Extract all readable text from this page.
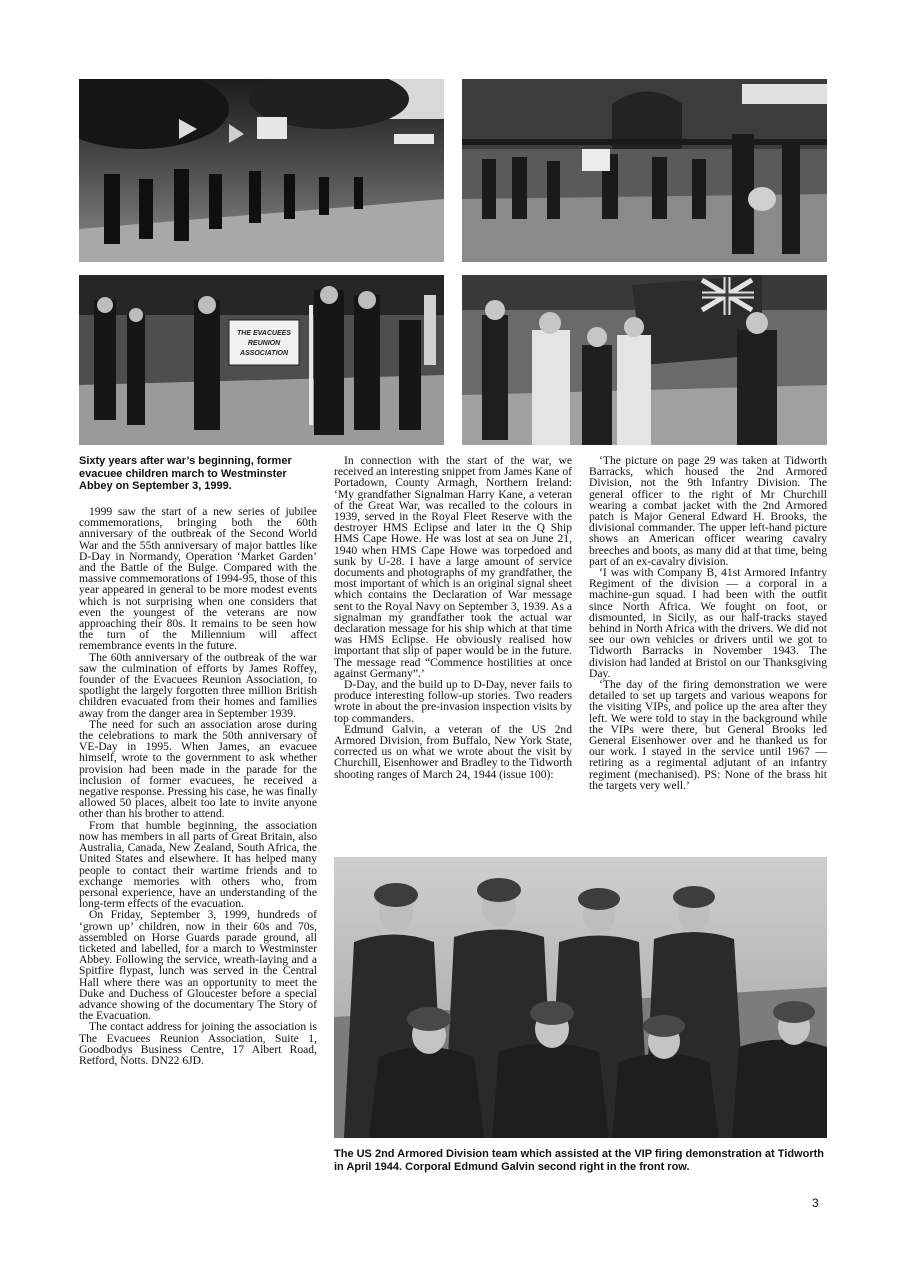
THE EVACUEES
REUNION
ASSOCIATION

Sixty years after war’s beginning, former evacuee children march to Westminster Abbey on September 3, 1999.

1999 saw the start of a new series of jubilee commemorations, bringing both the 60th anniversary of the outbreak of the Second World War and the 55th anniversary of major battles like D-Day in Normandy, Operation ‘Market Garden’ and the Battle of the Bulge. Compared with the massive commemorations of 1994-95, those of this year appeared in general to be more modest events which is not surprising when one considers that even the youngest of the veterans are now approaching their 80s. It remains to be seen how the turn of the Millennium will affect remembrance events in the future.

The 60th anniversary of the outbreak of the war saw the culmination of efforts by James Roffey, founder of the Evacuees Reunion Association, to spotlight the largely forgotten three million British children evacuated from their homes and families away from the danger area in September 1939.

The need for such an association arose during the celebrations to mark the 50th anniversary of VE-Day in 1995. When James, an evacuee himself, wrote to the government to ask whether provision had been made in the parade for the inclusion of former evacuees, he received a negative response. Pressing his case, he was finally allowed 50 places, albeit too late to invite anyone other than his brother to attend.

From that humble beginning, the association now has members in all parts of Great Britain, also Australia, Canada, New Zealand, South Africa, the United States and elsewhere. It has helped many people to contact their wartime friends and to exchange memories with others who, from personal experience, have an understanding of the long-term effects of the evacuation.

On Friday, September 3, 1999, hundreds of ‘grown up’ children, now in their 60s and 70s, assembled on Horse Guards parade ground, all ticketed and labelled, for a march to Westminster Abbey. Following the service, wreath-laying and a Spitfire flypast, lunch was served in the Central Hall where there was an opportunity to meet the Duke and Duchess of Gloucester before a special advance showing of the documentary The Story of the Evacuation.

The contact address for joining the association is The Evacuees Reunion Association, Suite 1, Goodbodys Business Centre, 17 Albert Road, Retford, Notts. DN22 6JD.

In connection with the start of the war, we received an interesting snippet from James Kane of Portadown, County Armagh, Northern Ireland: ‘My grandfather Signalman Harry Kane, a veteran of the Great War, was recalled to the colours in 1939, served in the Royal Fleet Reserve with the destroyer HMS Eclipse and later in the Q Ship HMS Cape Howe. He was lost at sea on June 21, 1940 when HMS Cape Howe was torpedoed and sunk by U-28. I have a large amount of service documents and photographs of my grandfather, the most important of which is an original signal sheet which contains the Declaration of War message sent to the Royal Navy on September 3, 1939. As a signalman my grandfather took the actual war declaration message for his ship which at that time was HMS Eclipse. He obviously realised how important that slip of paper would be in the future. The message read “Commence hostilities at once against Germany”.’

D-Day, and the build up to D-Day, never fails to produce interesting follow-up stories. Two readers wrote in about the pre-invasion inspection visits by top commanders.

Edmund Galvin, a veteran of the US 2nd Armored Division, from Buffalo, New York State, corrected us on what we wrote about the visit by Churchill, Eisenhower and Bradley to the Tidworth shooting ranges of March 24, 1944 (issue 100):

‘The picture on page 29 was taken at Tidworth Barracks, which housed the 2nd Armored Division, not the 9th Infantry Division. The general officer to the right of Mr Churchill wearing a combat jacket with the 2nd Armored patch is Major General Edward H. Brooks, the divisional commander. The upper left-hand picture shows an American officer wearing cavalry breeches and boots, as many did at that time, being part of an ex-cavalry division.

‘I was with Company B, 41st Armored Infantry Regiment of the division — a corporal in a machine-gun squad. I had been with the outfit since North Africa. We fought on foot, or dismounted, in Sicily, as our half-tracks stayed behind in North Africa with the drivers. We did not see our own vehicles or drivers until we got to Tidworth Barracks in November 1943. The division had landed at Bristol on our Thanksgiving Day.

‘The day of the firing demonstration we were detailed to set up targets and various weapons for the visiting VIPs, and police up the area after they left. We were told to stay in the background while the VIPs were there, but General Brooks led General Eisenhower over and he thanked us for our work. I stayed in the service until 1967 — retiring as a regimental adjutant of an infantry regiment (mechanised). PS: None of the brass hit the targets very well.’

The US 2nd Armored Division team which assisted at the VIP firing demonstration at Tidworth in April 1944. Corporal Edmund Galvin second right in the front row.

3
